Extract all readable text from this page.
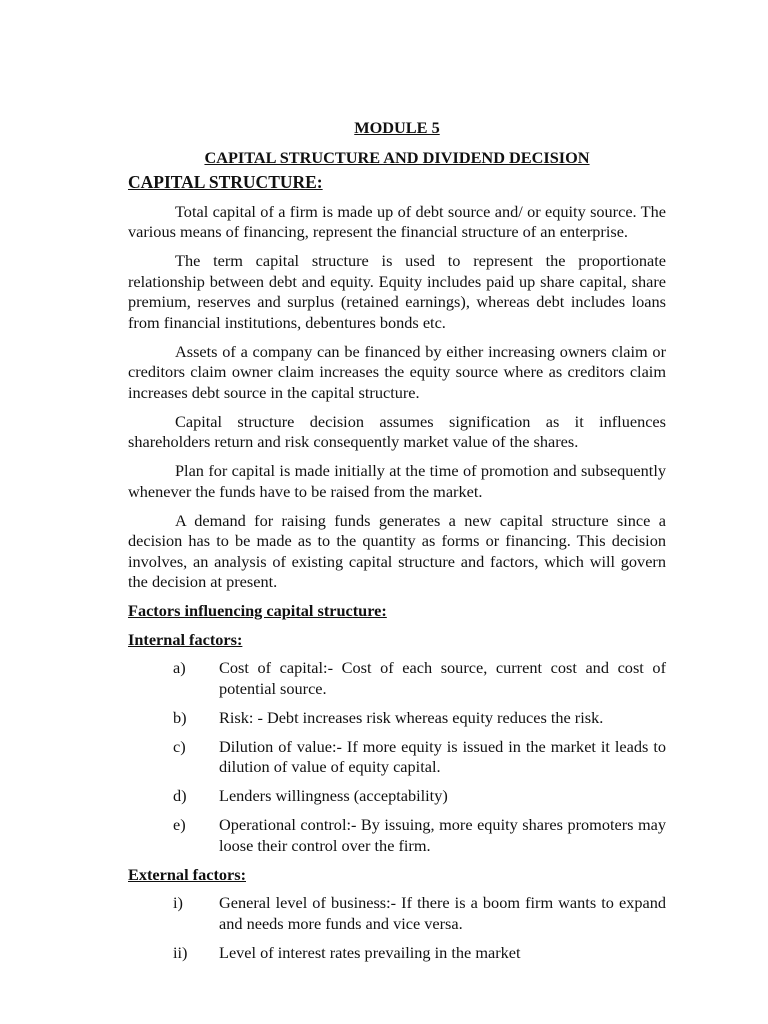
MODULE 5
CAPITAL STRUCTURE AND DIVIDEND DECISION
CAPITAL STRUCTURE:

Total capital of a firm is made up of debt source and/ or equity source. The various means of financing, represent the financial structure of an enterprise.

The term capital structure is used to represent the proportionate relationship between debt and equity. Equity includes paid up share capital, share premium, reserves and surplus (retained earnings), whereas debt includes loans from financial institutions, debentures bonds etc.

Assets of a company can be financed by either increasing owners claim or creditors claim owner claim increases the equity source where as creditors claim increases debt source in the capital structure.

Capital structure decision assumes signification as it influences shareholders return and risk consequently market value of the shares.

Plan for capital is made initially at the time of promotion and subsequently whenever the funds have to be raised from the market.

A demand for raising funds generates a new capital structure since a decision has to be made as to the quantity as forms or financing. This decision involves, an analysis of existing capital structure and factors, which will govern the decision at present.

Factors influencing capital structure:
Internal factors:
a)	Cost of capital:- Cost of each source, current cost and cost of potential source.
b)	Risk: - Debt increases risk whereas equity reduces the risk.
c)	Dilution of value:- If more equity is issued in the market it leads to dilution of value of equity capital.
d)	Lenders willingness (acceptability)
e)	Operational control:- By issuing, more equity shares promoters may loose their control over the firm.
External factors:
i)	General level of business:- If there is a boom firm wants to expand and needs more funds and vice versa.
ii)	Level of interest rates prevailing in the market
